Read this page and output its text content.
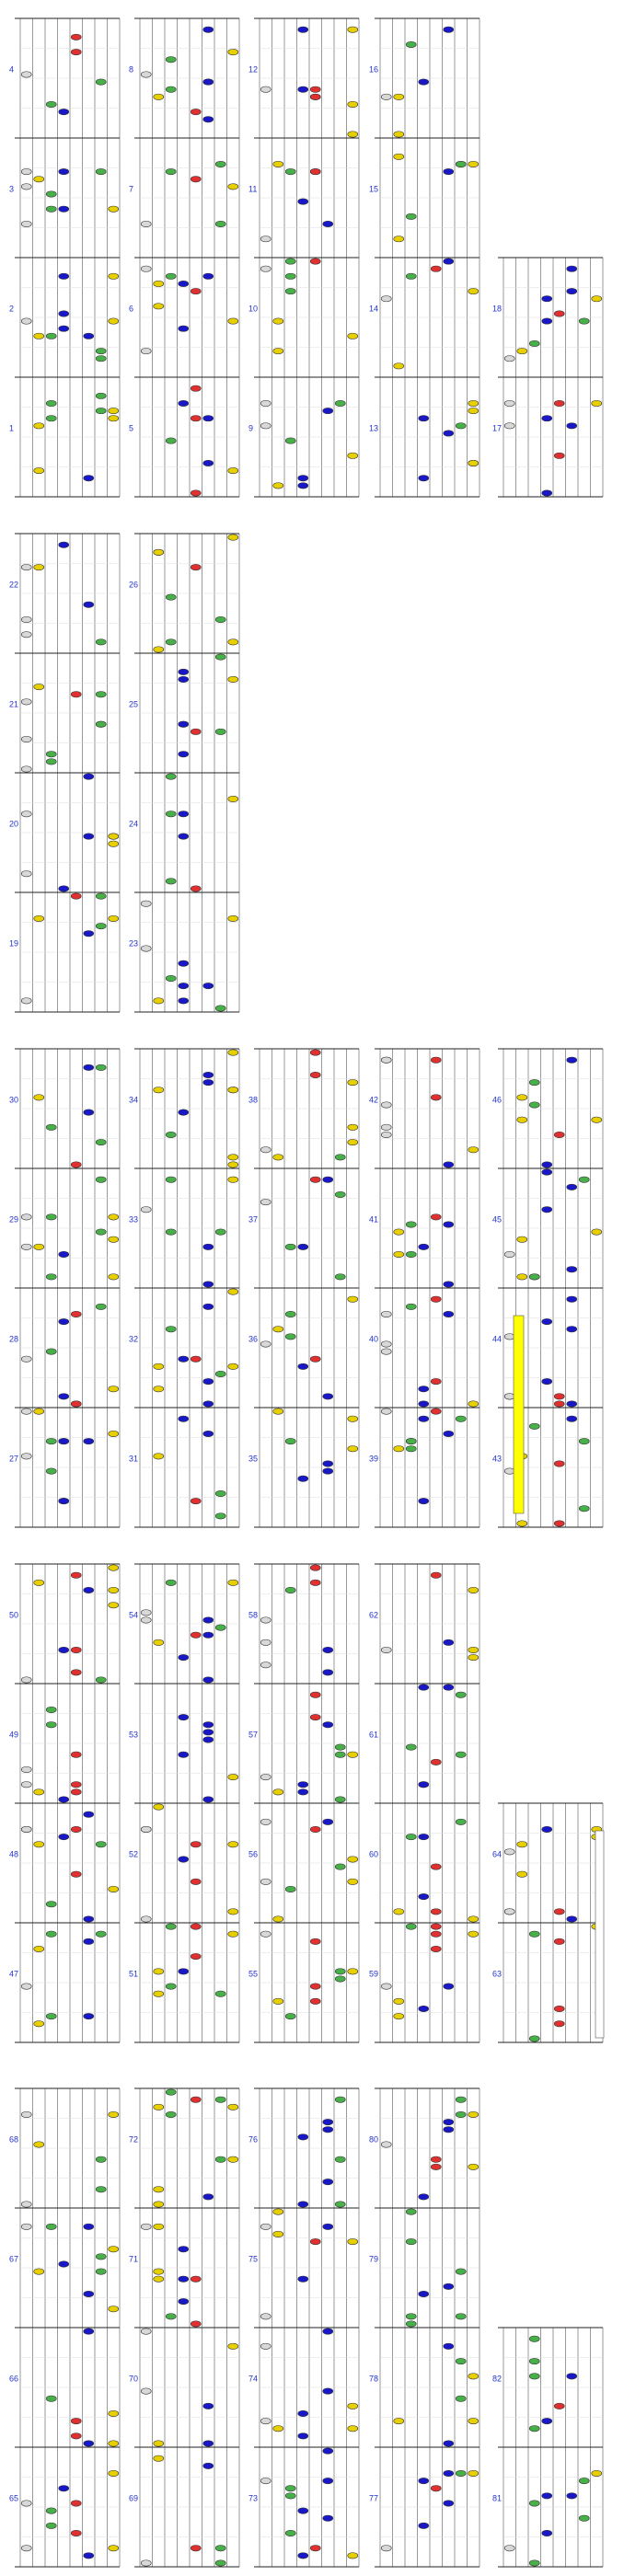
1
2
3
4
5
6
7
8
9
10
11
12
13
14
15
16
17
18
19
20
21
22
23
24
25
26
27
28
29
30
31
32
33
34
35
36
37
38
39
40
41
42
43
44
45
46
47
48
49
50
51
52
53
54
55
56
57
58
59
60
61
62
63
64
65
66
67
68
69
70
71
72
73
74
75
76
77
78
79
80
81
82
